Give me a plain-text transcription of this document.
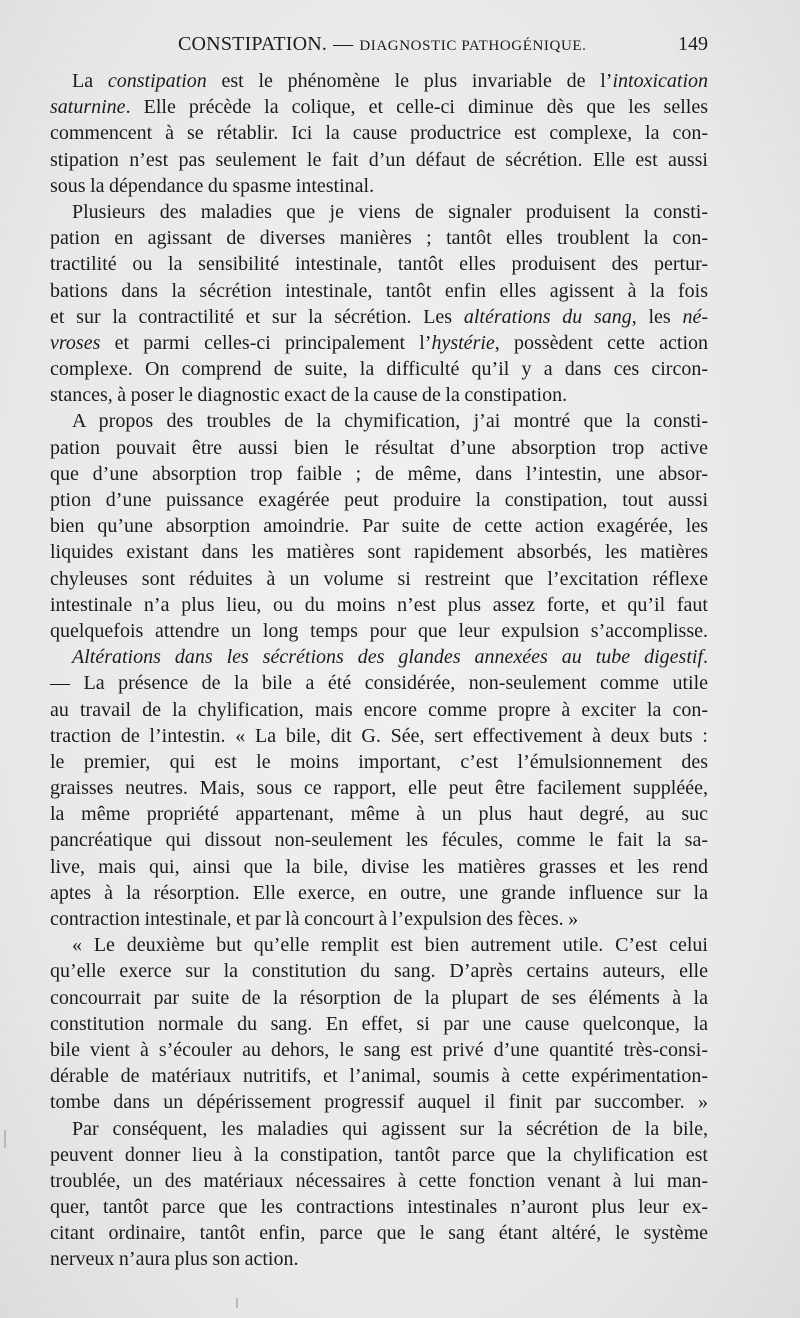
CONSTIPATION. — DIAGNOSTIC PATHOGÉNIQUE.	149
La constipation est le phénomène le plus invariable de l’intoxication
saturnine. Elle précède la colique, et celle-ci diminue dès que les selles
commencent à se rétablir. Ici la cause productrice est complexe, la con-
stipation n’est pas seulement le fait d’un défaut de sécrétion. Elle est aussi
sous la dépendance du spasme intestinal.
Plusieurs des maladies que je viens de signaler produisent la consti-
pation en agissant de diverses manières ; tantôt elles troublent la con-
tractilité ou la sensibilité intestinale, tantôt elles produisent des pertur-
bations dans la sécrétion intestinale, tantôt enfin elles agissent à la fois
et sur la contractilité et sur la sécrétion. Les altérations du sang, les né-
vroses et parmi celles-ci principalement l’hystérie, possèdent cette action
complexe. On comprend de suite, la difficulté qu’il y a dans ces circon-
stances, à poser le diagnostic exact de la cause de la constipation.
A propos des troubles de la chymification, j’ai montré que la consti-
pation pouvait être aussi bien le résultat d’une absorption trop active
que d’une absorption trop faible ; de même, dans l’intestin, une absor-
ption d’une puissance exagérée peut produire la constipation, tout aussi
bien qu’une absorption amoindrie. Par suite de cette action exagérée, les
liquides existant dans les matières sont rapidement absorbés, les matières
chyleuses sont réduites à un volume si restreint que l’excitation réflexe
intestinale n’a plus lieu, ou du moins n’est plus assez forte, et qu’il faut
quelquefois attendre un long temps pour que leur expulsion s’accomplisse.
Altérations dans les sécrétions des glandes annexées au tube digestif.
— La présence de la bile a été considérée, non-seulement comme utile
au travail de la chylification, mais encore comme propre à exciter la con-
traction de l’intestin. « La bile, dit G. Sée, sert effectivement à deux buts :
le premier, qui est le moins important, c’est l’émulsionnement des
graisses neutres. Mais, sous ce rapport, elle peut être facilement suppléée,
la même propriété appartenant, même à un plus haut degré, au suc
pancréatique qui dissout non-seulement les fécules, comme le fait la sa-
live, mais qui, ainsi que la bile, divise les matières grasses et les rend
aptes à la résorption. Elle exerce, en outre, une grande influence sur la
contraction intestinale, et par là concourt à l’expulsion des fèces. »
« Le deuxième but qu’elle remplit est bien autrement utile. C’est celui
qu’elle exerce sur la constitution du sang. D’après certains auteurs, elle
concourrait par suite de la résorption de la plupart de ses éléments à la
constitution normale du sang. En effet, si par une cause quelconque, la
bile vient à s’écouler au dehors, le sang est privé d’une quantité très-consi-
dérable de matériaux nutritifs, et l’animal, soumis à cette expérimentation-
tombe dans un dépérissement progressif auquel il finit par succomber. »
Par conséquent, les maladies qui agissent sur la sécrétion de la bile,
peuvent donner lieu à la constipation, tantôt parce que la chylification est
troublée, un des matériaux nécessaires à cette fonction venant à lui man-
quer, tantôt parce que les contractions intestinales n’auront plus leur ex-
citant ordinaire, tantôt enfin, parce que le sang étant altéré, le système
nerveux n’aura plus son action.
